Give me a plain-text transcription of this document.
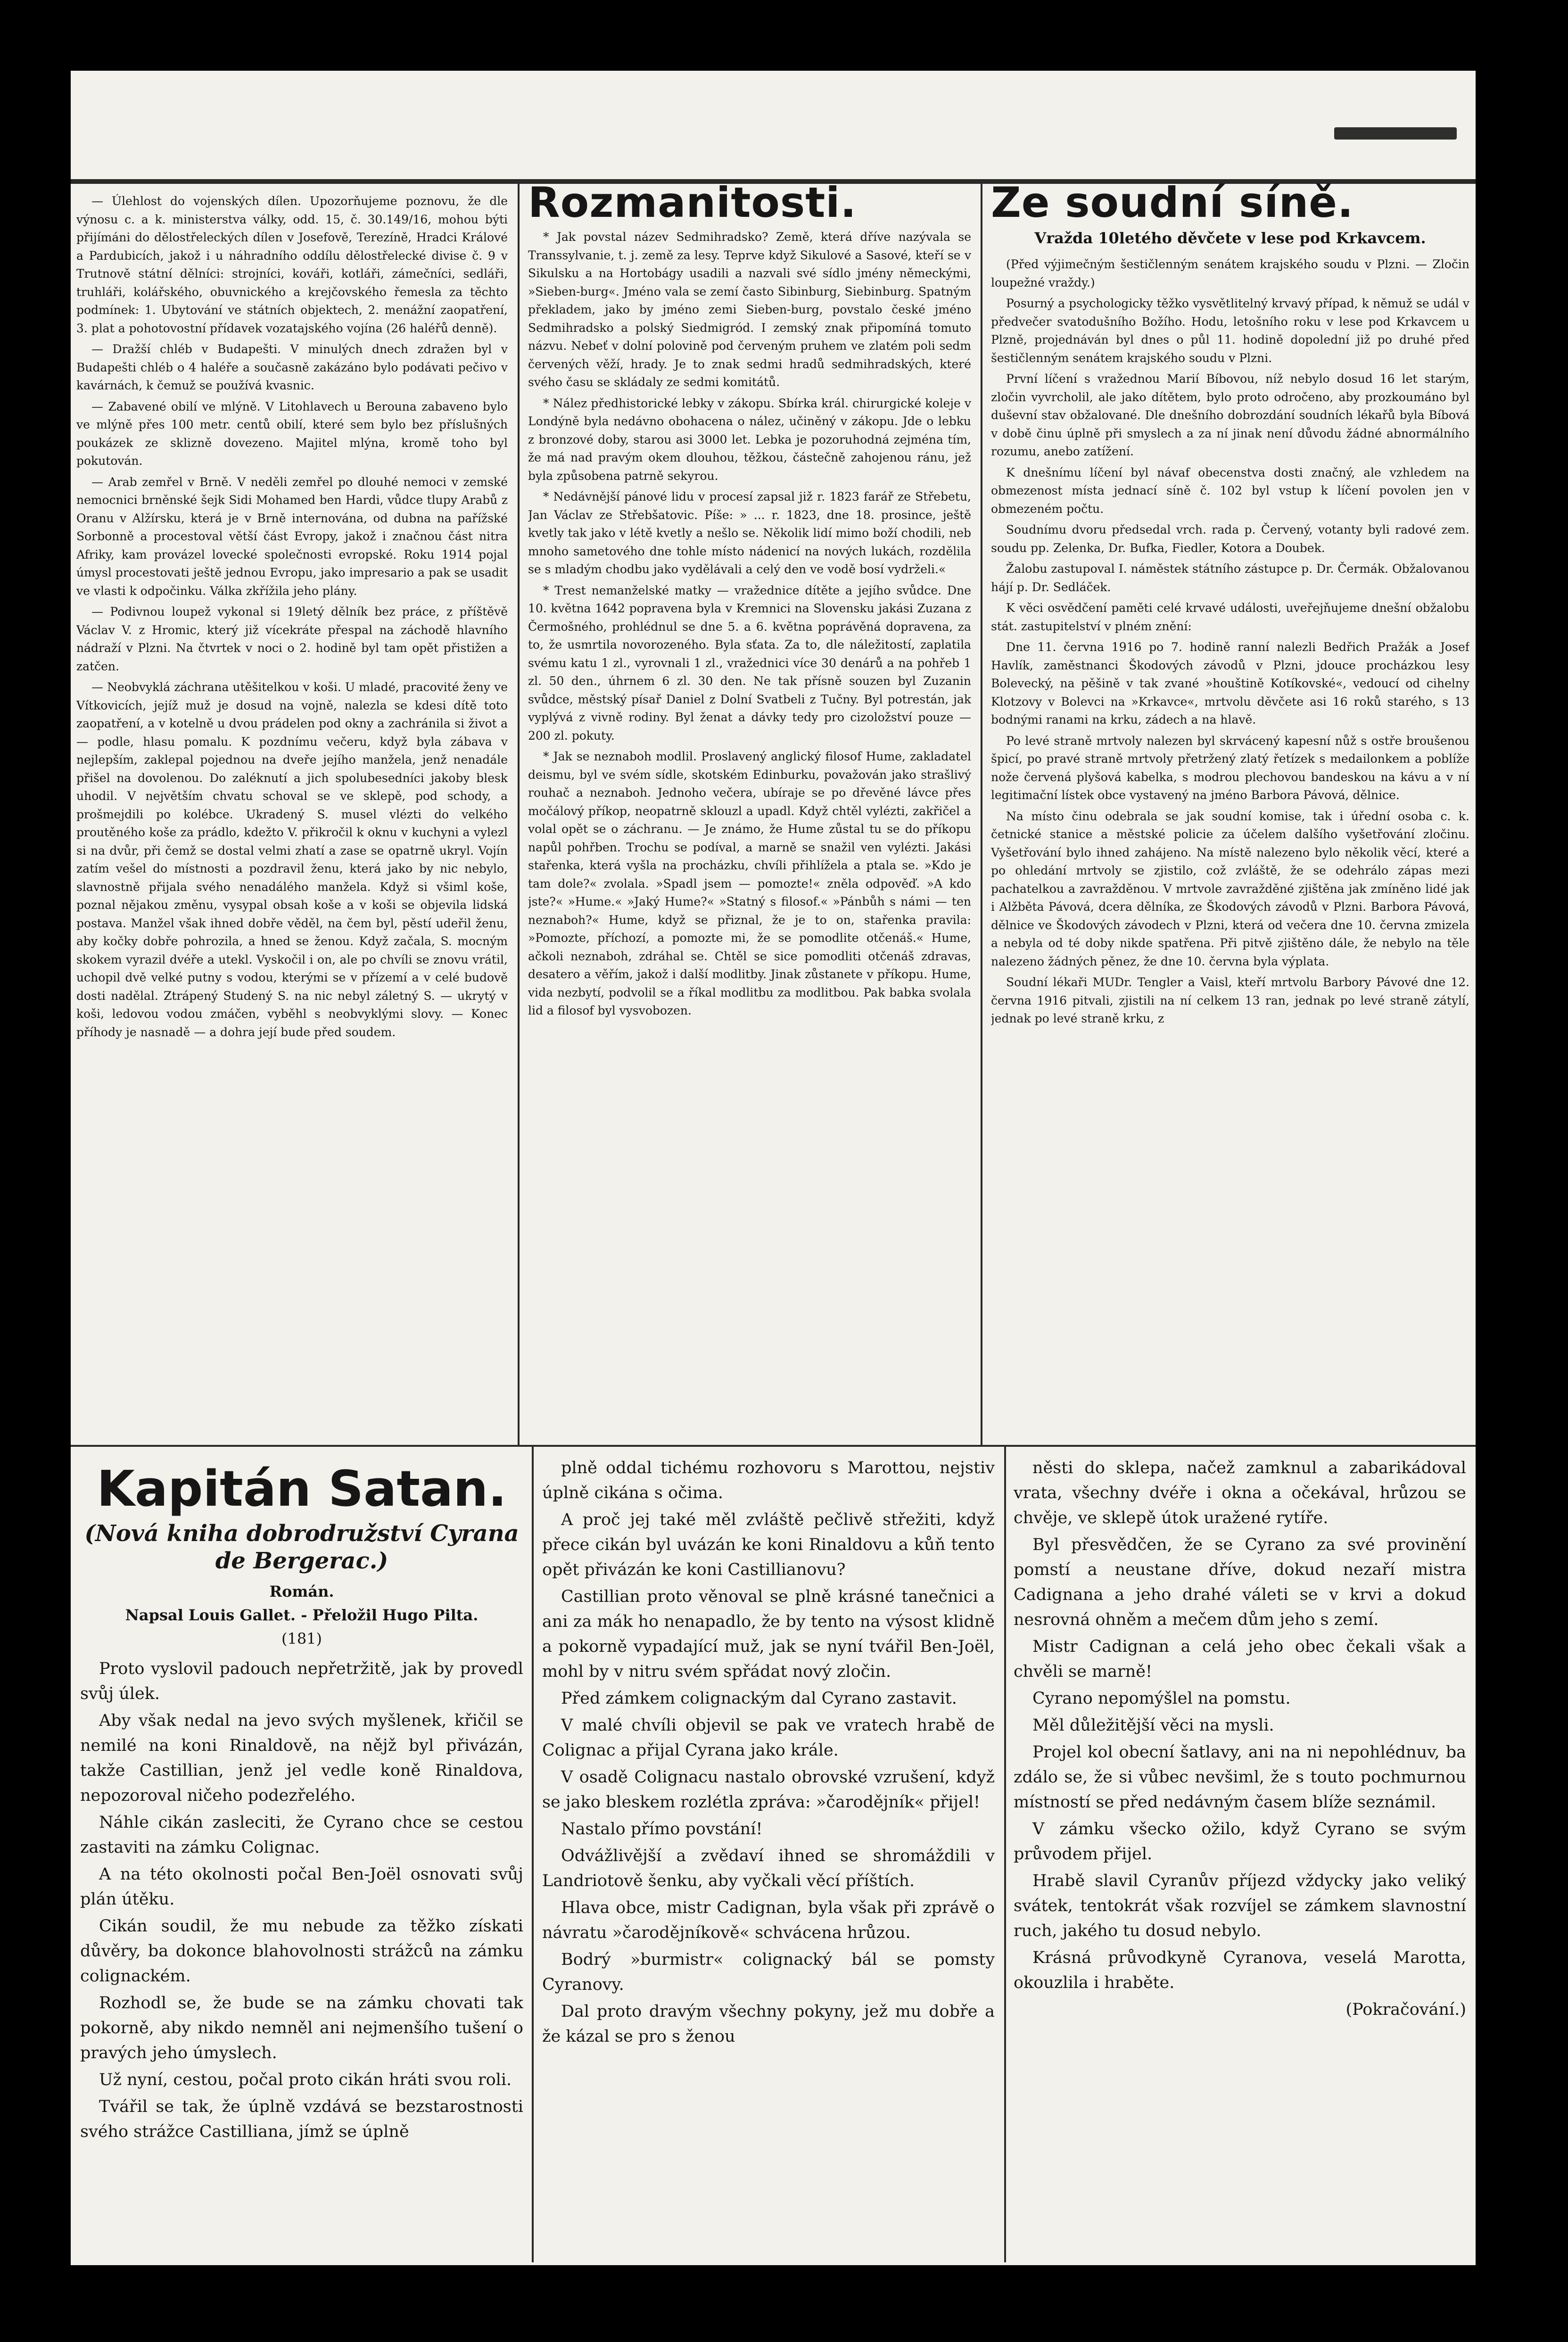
— Úlehlost do vojenských dílen. Upozorňujeme poznovu, že dle výnosu c. a k. ministerstva války, odd. 15, č. 30.149/16, mohou býti přijímáni do dělostřeleckých dílen v Josefově, Terezíně, Hradci Králové a Pardubicích, jakož i u náhradního oddílu dělostřelecké divise č. 9 v Trutnově státní dělníci: strojníci, kováři, kotláři, zámečníci, sedláři, truhláři, kolářského, obuvnického a krejčovského řemesla za těchto podmínek: 1. Ubytování ve státních objektech, 2. menážní zaopatření, 3. plat a pohotovostní přídavek vozatajského vojína (26 haléřů denně).

— Dražší chléb v Budapešti. V minulých dnech zdražen byl v Budapešti chléb o 4 haléře a současně zakázáno bylo podávati pečivo v kavárnách, k čemuž se používá kvasnic.

— Zabavené obilí ve mlýně. V Litohlavech u Berouna zabaveno bylo ve mlýně přes 100 metr. centů obilí, které sem bylo bez příslušných poukázek ze sklizně dovezeno. Majitel mlýna, kromě toho byl pokutován.

— Arab zemřel v Brně. V neděli zemřel po dlouhé nemoci v zemské nemocnici brněnské šejk Sidi Mohamed ben Hardi, vůdce tlupy Arabů z Oranu v Alžírsku, která je v Brně internována, od dubna na pařížské Sorbonně a procestoval větší část Evropy, jakož i značnou část nitra Afriky, kam provázel lovecké společnosti evropské. Roku 1914 pojal úmysl procestovati ještě jednou Evropu, jako impresario a pak se usadit ve vlasti k odpočinku. Válka zkřížila jeho plány.

— Podivnou loupež vykonal si 19letý dělník bez práce, z příštěvě Václav V. z Hromic, který již vícekráte přespal na záchodě hlavního nádraží v Plzni. Na čtvrtek v noci o 2. hodině byl tam opět přistižen a zatčen.

— Neobvyklá záchrana utěšitelkou v koši. U mladé, pracovité ženy ve Vítkovicích, jejíž muž je dosud na vojně, nalezla se kdesi dítě toto zaopatření, a v kotelně u dvou prádelen pod okny a zachránila si život a — podle, hlasu pomalu. K pozdnímu večeru, když byla zábava v nejlepším, zaklepal pojednou na dveře jejího manžela, jenž nenadále přišel na dovolenou. Do zaléknutí a jich spolubesedníci jakoby blesk uhodil. V největším chvatu schoval se ve sklepě, pod schody, a prošmejdili po kolébce. Ukradený S. musel vlézti do velkého proutěného koše za prádlo, kdežto V. přikročil k oknu v kuchyni a vylezl si na dvůr, při čemž se dostal velmi zhatí a zase se opatrně ukryl. Vojín zatím vešel do místnosti a pozdravil ženu, která jako by nic nebylo, slavnostně přijala svého nenadálého manžela. Když si všiml koše, poznal nějakou změnu, vysypal obsah koše a v koši se objevila lidská postava. Manžel však ihned dobře věděl, na čem byl, pěstí udeřil ženu, aby kočky dobře pohrozila, a hned se ženou. Když začala, S. mocným skokem vyrazil dvéře a utekl. Vyskočil i on, ale po chvíli se znovu vrátil, uchopil dvě velké putny s vodou, kterými se v přízemí a v celé budově dosti nadělal. Ztrápený Studený S. na nic nebyl záletný S. — ukrytý v koši, ledovou vodou zmáčen, vyběhl s neobvyklými slovy. — Konec příhody je nasnadě — a dohra její bude před soudem.

Rozmanitosti.

* Jak povstal název Sedmihradsko? Země, která dříve nazývala se Transsylvanie, t. j. země za lesy. Teprve když Sikulové a Sasové, kteří se v Sikulsku a na Hortobágy usadili a nazvali své sídlo jmény německými, »Sieben-burg«. Jméno vala se zemí často Sibinburg, Siebinburg. Spatným překladem, jako by jméno zemi Sieben-burg, povstalo české jméno Sedmihradsko a polský Siedmigród. I zemský znak připomíná tomuto názvu. Nebeť v dolní polovině pod červeným pruhem ve zlatém poli sedm červených věží, hrady. Je to znak sedmi hradů sedmihradských, které svého času se skládaly ze sedmi komitátů.

* Nález předhistorické lebky v zákopu. Sbírka král. chirurgické koleje v Londýně byla nedávno obohacena o nález, učiněný v zákopu. Jde o lebku z bronzové doby, starou asi 3000 let. Lebka je pozoruhodná zejména tím, že má nad pravým okem dlouhou, těžkou, částečně zahojenou ránu, jež byla způsobena patrně sekyrou.

* Nedávnější pánové lidu v procesí zapsal již r. 1823 farář ze Střebetu, Jan Václav ze Střebšatovic. Píše: » ... r. 1823, dne 18. prosince, ještě kvetly tak jako v létě kvetly a nešlo se. Několik lidí mimo boží chodili, neb mnoho sametového dne tohle místo nádenicí na nových lukách, rozdělila se s mladým chodbu jako vydělávali a celý den ve vodě bosí vydrželi.«

* Trest nemanželské matky — vražednice dítěte a jejího svůdce. Dne 10. května 1642 popravena byla v Kremnici na Slovensku jakási Zuzana z Čermošného, prohlédnul se dne 5. a 6. května poprávěná dopravena, za to, že usmrtila novorozeného. Byla sťata. Za to, dle náležitostí, zaplatila svému katu 1 zl., vyrovnali 1 zl., vražednici více 30 denárů a na pohřeb 1 zl. 50 den., úhrnem 6 zl. 30 den. Ne tak přísně souzen byl Zuzanin svůdce, městský písař Daniel z Dolní Svatbeli z Tučny. Byl potrestán, jak vyplývá z vivně rodiny. Byl ženat a dávky tedy pro cizoložství pouze — 200 zl. pokuty.

* Jak se neznaboh modlil. Proslavený anglický filosof Hume, zakladatel deismu, byl ve svém sídle, skotském Edinburku, považován jako strašlivý rouhač a neznaboh. Jednoho večera, ubíraje se po dřevěné lávce přes močálový příkop, neopatrně sklouzl a upadl. Když chtěl vylézti, zakřičel a volal opět se o záchranu. — Je známo, že Hume zůstal tu se do příkopu napůl pohřben. Trochu se podíval, a marně se snažil ven vylézti. Jakási stařenka, která vyšla na procházku, chvíli přihlížela a ptala se. »Kdo je tam dole?« zvolala. »Spadl jsem — pomozte!« zněla odpověď. »A kdo jste?« »Hume.« »Jaký Hume?« »Statný s filosof.« »Pánbůh s námi — ten neznaboh?« Hume, když se přiznal, že je to on, stařenka pravila: »Pomozte, příchozí, a pomozte mi, že se pomodlite otčenáš.« Hume, ačkoli neznaboh, zdráhal se. Chtěl se sice pomodliti otčenáš zdravas, desatero a věřím, jakož i další modlitby. Jinak zůstanete v příkopu. Hume, vida nezbytí, podvolil se a říkal modlitbu za modlitbou. Pak babka svolala lid a filosof byl vysvobozen.

Ze soudní síně.
Vražda 10letého děvčete v lese pod Krkavcem.

(Před výjimečným šestičlenným senátem krajského soudu v Plzni. — Zločin loupežné vraždy.)

Posurný a psychologicky těžko vysvětlitelný krvavý případ, k němuž se udál v předvečer svatodušního Božího. Hodu, letošního roku v lese pod Krkavcem u Plzně, projednáván byl dnes o půl 11. hodině dopolední již po druhé před šestičlenným senátem krajského soudu v Plzni.

První líčení s vražednou Marií Bíbovou, níž nebylo dosud 16 let starým, zločin vyvrcholil, ale jako dítětem, bylo proto odročeno, aby prozkoumáno byl duševní stav obžalované. Dle dnešního dobrozdání soudních lékařů byla Bíbová v době činu úplně při smyslech a za ní jinak není důvodu žádné abnormálního rozumu, anebo zatížení.

K dnešnímu líčení byl návaf obecenstva dosti značný, ale vzhledem na obmezenost místa jednací síně č. 102 byl vstup k líčení povolen jen v obmezeném počtu.

Soudnímu dvoru předsedal vrch. rada p. Červený, votanty byli radové zem. soudu pp. Zelenka, Dr. Bufka, Fiedler, Kotora a Doubek.

Žalobu zastupoval I. náměstek státního zástupce p. Dr. Čermák. Obžalovanou hájí p. Dr. Sedláček.

K věci osvědčení paměti celé krvavé události, uveřejňujeme dnešní obžalobu stát. zastupitelství v plném znění:

Dne 11. června 1916 po 7. hodině ranní nalezli Bedřich Pražák a Josef Havlík, zaměstnanci Škodových závodů v Plzni, jdouce procházkou lesy Bolevecký, na pěšině v tak zvané »houštině Kotíkovské«, vedoucí od cihelny Klotzovy v Bolevci na »Krkavce«, mrtvolu děvčete asi 16 roků starého, s 13 bodnými ranami na krku, zádech a na hlavě.

Po levé straně mrtvoly nalezen byl skrvácený kapesní nůž s ostře broušenou špicí, po pravé straně mrtvoly přetržený zlatý řetízek s medailonkem a poblíže nože červená plyšová kabelka, s modrou plechovou bandeskou na kávu a v ní legitimační lístek obce vystavený na jméno Barbora Pávová, dělnice.

Na místo činu odebrala se jak soudní komise, tak i úřední osoba c. k. četnické stanice a městské policie za účelem dalšího vyšetřování zločinu. Vyšetřování bylo ihned zahájeno. Na místě nalezeno bylo několik věcí, které a po ohledání mrtvoly se zjistilo, což zvláště, že se odehrálo zápas mezi pachatelkou a zavražděnou. V mrtvole zavražděné zjištěna jak zmíněno lidé jak i Alžběta Pávová, dcera dělníka, ze Škodových závodů v Plzni. Barbora Pávová, dělnice ve Škodových závodech v Plzni, která od večera dne 10. června zmizela a nebyla od té doby nikde spatřena. Při pitvě zjištěno dále, že nebylo na těle nalezeno žádných pěnez, že dne 10. června byla výplata.

Soudní lékaři MUDr. Tengler a Vaisl, kteří mrtvolu Barbory Pávové dne 12. června 1916 pitvali, zjistili na ní celkem 13 ran, jednak po levé straně zátylí, jednak po levé straně krku, z

Kapitán Satan.
(Nová kniha dobrodružství Cyrana de Bergerac.)
Román.
Napsal Louis Gallet. - Přeložil Hugo Pilta.
(181)

Proto vyslovil padouch nepřetržitě, jak by provedl svůj úlek.

Aby však nedal na jevo svých myšlenek, křičil se nemilé na koni Rinaldově, na nějž byl přivázán, takže Castillian, jenž jel vedle koně Rinaldova, nepozoroval ničeho podezřelého.

Náhle cikán zasleciti, že Cyrano chce se cestou zastaviti na zámku Colignac.

A na této okolnosti počal Ben-Joël osnovati svůj plán útěku.

Cikán soudil, že mu nebude za těžko získati důvěry, ba dokonce blahovolnosti strážců na zámku colignackém.

Rozhodl se, že bude se na zámku chovati tak pokorně, aby nikdo nemněl ani nejmenšího tušení o pravých jeho úmyslech.

Už nyní, cestou, počal proto cikán hráti svou roli.

Tvářil se tak, že úplně vzdává se bezstarostnosti svého strážce Castilliana, jímž se úplně

plně oddal tichému rozhovoru s Marottou, nejstiv úplně cikána s očima.

A proč jej také měl zvláště pečlivě střežiti, když přece cikán byl uvázán ke koni Rinaldovu a kůň tento opět přivázán ke koni Castillianovu?

Castillian proto věnoval se plně krásné tanečnici a ani za mák ho nenapadlo, že by tento na výsost klidně a pokorně vypadající muž, jak se nyní tvářil Ben-Joël, mohl by v nitru svém spřádat nový zločin.

Před zámkem colignackým dal Cyrano zastavit.

V malé chvíli objevil se pak ve vratech hrabě de Colignac a přijal Cyrana jako krále.

V osadě Colignacu nastalo obrovské vzrušení, když se jako bleskem rozlétla zpráva: »čarodějník« přijel!

Nastalo přímo povstání!

Odvážlivější a zvědaví ihned se shromáždili v Landriotově šenku, aby vyčkali věcí příštích.

Hlava obce, mistr Cadignan, byla však při zprávě o návratu »čarodějníkově« schvácena hrůzou.

Bodrý »burmistr« colignacký bál se pomsty Cyranovy.

Dal proto dravým všechny pokyny, jež mu dobře a že kázal se pro s ženou

něsti do sklepa, načež zamknul a zabarikádoval vrata, všechny dvéře i okna a očekával, hrůzou se chvěje, ve sklepě útok uražené rytíře.

Byl přesvědčen, že se Cyrano za své provinění pomstí a neustane dříve, dokud nezaří mistra Cadignana a jeho drahé váleti se v krvi a dokud nesrovná ohněm a mečem dům jeho s zemí.

Mistr Cadignan a celá jeho obec čekali však a chvěli se marně!

Cyrano nepomýšlel na pomstu.

Měl důležitější věci na mysli.

Projel kol obecní šatlavy, ani na ni nepohlédnuv, ba zdálo se, že si vůbec nevšiml, že s touto pochmurnou místností se před nedávným časem blíže seznámil.

V zámku všecko ožilo, když Cyrano se svým průvodem přijel.

Hrabě slavil Cyranův příjezd vždycky jako veliký svátek, tentokrát však rozvíjel se zámkem slavnostní ruch, jakého tu dosud nebylo.

Krásná průvodkyně Cyranova, veselá Marotta, okouzlila i hraběte.

(Pokračování.)
